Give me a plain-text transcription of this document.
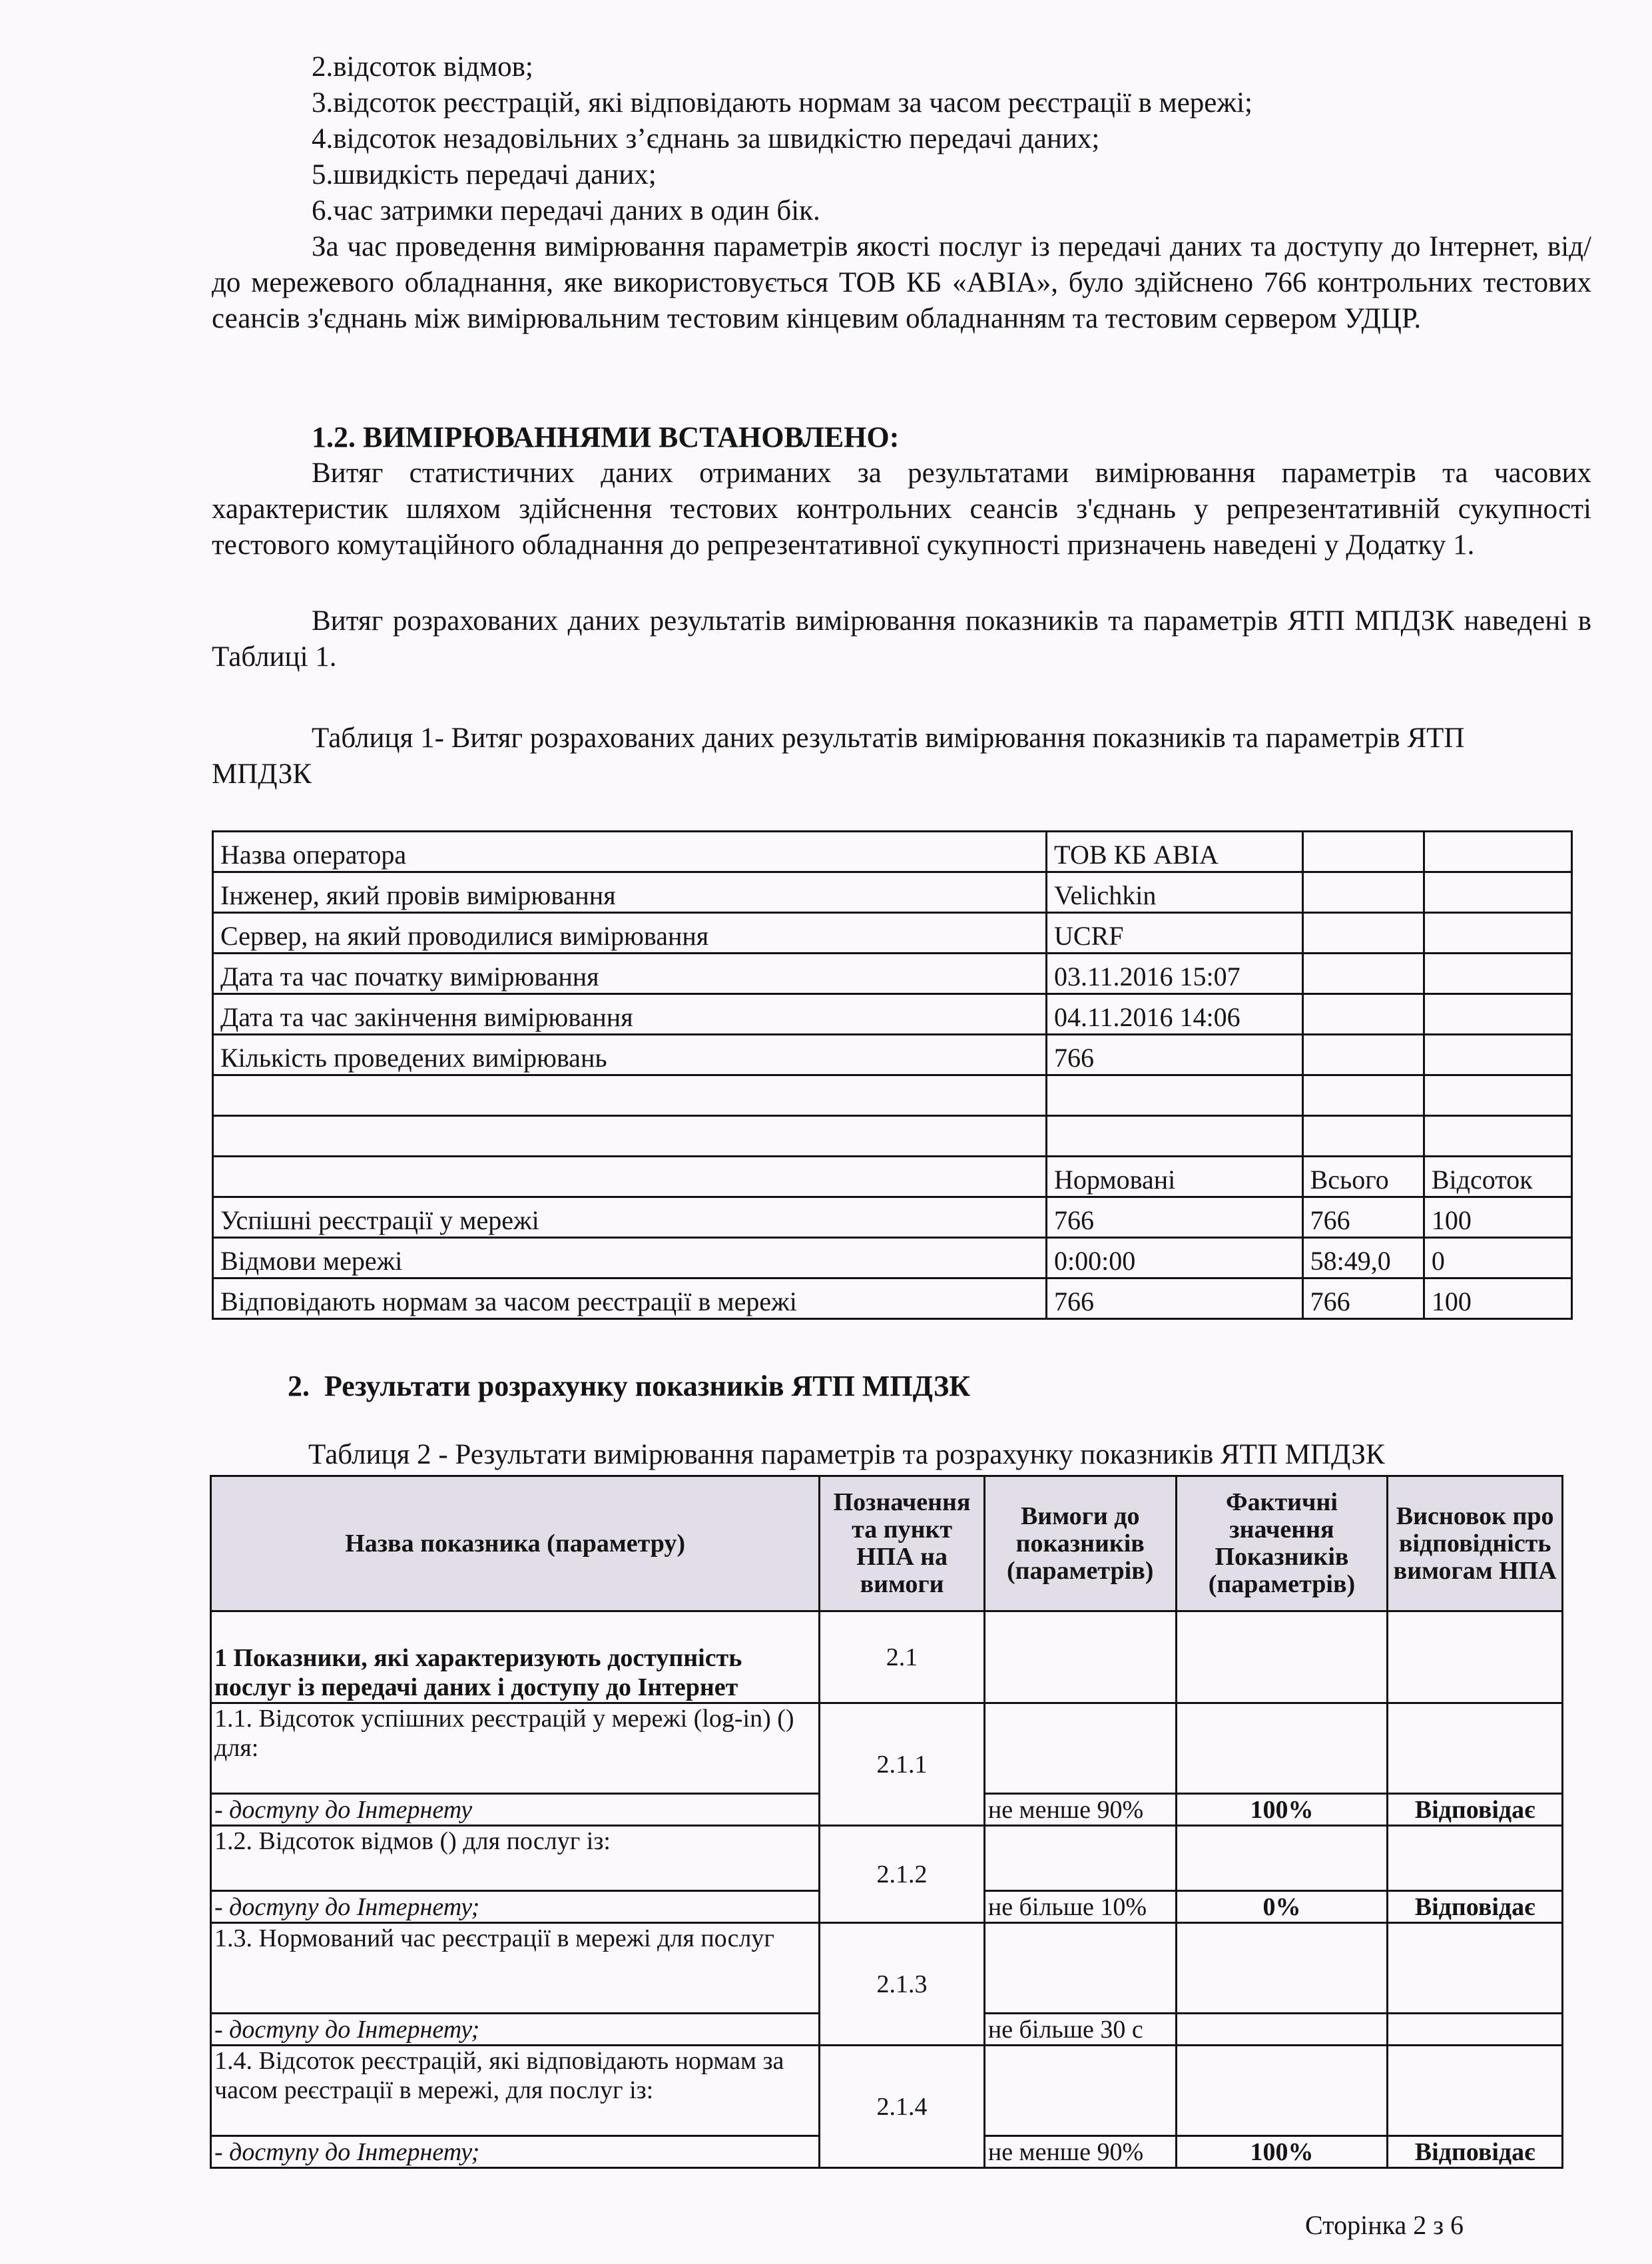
2.відсоток відмов;
3.відсоток реєстрацій, які відповідають нормам за часом реєстрації в мережі;
4.відсоток незадовільних з’єднань за швидкістю передачі даних;
5.швидкість передачі даних;
6.час затримки передачі даних в один бік.
За час проведення вимірювання параметрів якості послуг із передачі даних та доступу до Інтернет, від/до мережевого обладнання, яке використовується ТОВ КБ «АВІА», було здійснено 766 контрольних тестових сеансів з'єднань між вимірювальним тестовим кінцевим обладнанням та тестовим сервером УДЦР.
1.2. ВИМІРЮВАННЯМИ ВСТАНОВЛЕНО:
Витяг статистичних даних отриманих за результатами вимірювання параметрів та часових характеристик шляхом здійснення тестових контрольних сеансів з'єднань у репрезентативній сукупності тестового комутаційного обладнання до репрезентативної сукупності призначень наведені у Додатку 1.
Витяг розрахованих даних результатів вимірювання показників та параметрів ЯТП МПДЗК наведені в Таблиці 1.
Таблиця 1- Витяг розрахованих даних результатів вимірювання показників та параметрів ЯТП МПДЗК
Назва оператора	ТОВ КБ АВІА		
Інженер, який провів вимірювання	Velichkin		
Сервер, на який проводилися вимірювання	UCRF		
Дата та час початку вимірювання	03.11.2016 15:07		
Дата та час закінчення вимірювання	04.11.2016 14:06		
Кількість проведених вимірювань	766		

	Нормовані	Всього	Відсоток
Успішні реєстрації у мережі	766	766	100
Відмови мережі	0:00:00	58:49,0	0
Відповідають нормам за часом реєстрації в мережі	766	766	100
2.  Результати розрахунку показників ЯТП МПДЗК
Таблиця 2 - Результати вимірювання параметрів та розрахунку показників ЯТП МПДЗК
Назва показника (параметру)	Позначення та пункт НПА на вимоги	Вимоги до показників (параметрів)	Фактичні значення Показників (параметрів)	Висновок про відповідність вимогам НПА
1 Показники, які характеризують доступність послуг із передачі даних і доступу до Інтернет	2.1			
1.1. Відсоток успішних реєстрацій у мережі (log-in) () для:	2.1.1			
- доступу до Інтернету		не менше 90%	100%	Відповідає
1.2. Відсоток відмов () для послуг із:	2.1.2			
- доступу до Інтернету;		не більше 10%	0%	Відповідає
1.3. Нормований час реєстрації в мережі для послуг	2.1.3			
- доступу до Інтернету;		не більше 30 с		
1.4. Відсоток реєстрацій, які відповідають нормам за часом реєстрації в мережі, для послуг із:	2.1.4			
- доступу до Інтернету;		не менше 90%	100%	Відповідає
Сторінка 2 з 6
